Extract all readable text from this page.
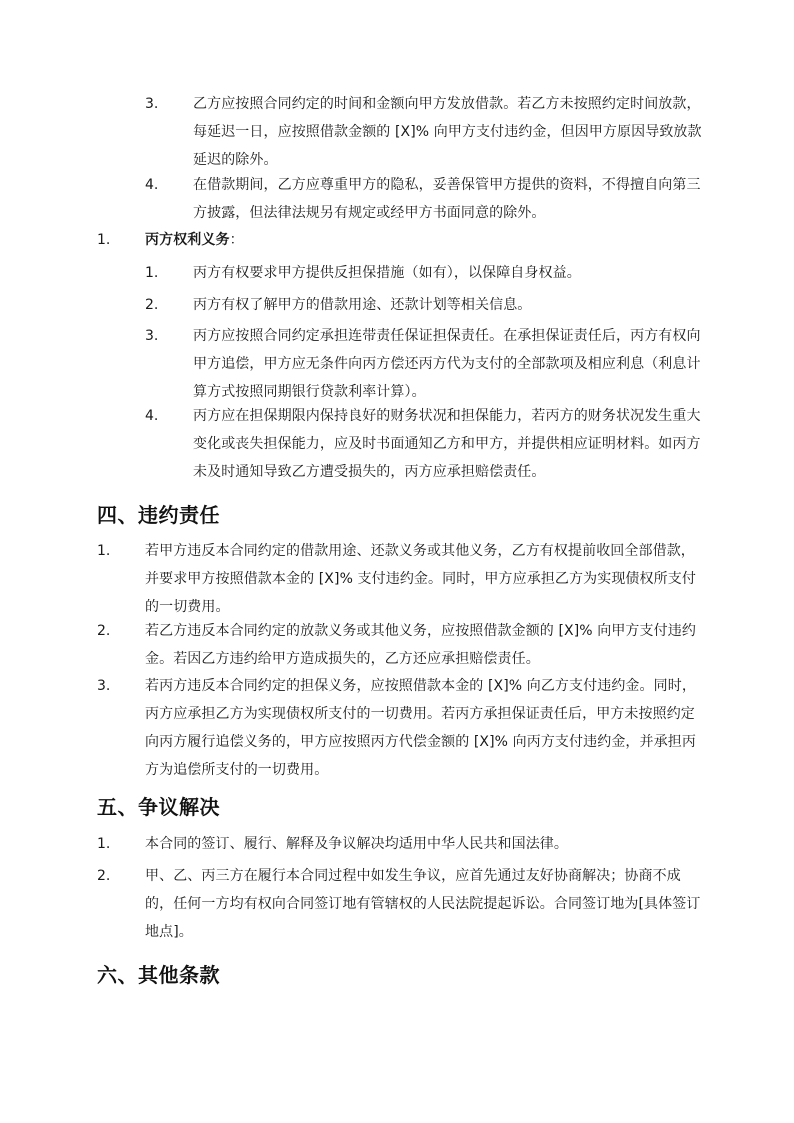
3.	乙方应按照合同约定的时间和金额向甲方发放借款。若乙方未按照约定时间放款，每延迟一日，应按照借款金额的 [X]% 向甲方支付违约金，但因甲方原因导致放款延迟的除外。
4.	在借款期间，乙方应尊重甲方的隐私，妥善保管甲方提供的资料，不得擅自向第三方披露，但法律法规另有规定或经甲方书面同意的除外。
1.	丙方权利义务：
1.	丙方有权要求甲方提供反担保措施（如有），以保障自身权益。
2.	丙方有权了解甲方的借款用途、还款计划等相关信息。
3.	丙方应按照合同约定承担连带责任保证担保责任。在承担保证责任后，丙方有权向甲方追偿，甲方应无条件向丙方偿还丙方代为支付的全部款项及相应利息（利息计算方式按照同期银行贷款利率计算）。
4.	丙方应在担保期限内保持良好的财务状况和担保能力，若丙方的财务状况发生重大变化或丧失担保能力，应及时书面通知乙方和甲方，并提供相应证明材料。如丙方未及时通知导致乙方遭受损失的，丙方应承担赔偿责任。
四、违约责任
1.	若甲方违反本合同约定的借款用途、还款义务或其他义务，乙方有权提前收回全部借款，并要求甲方按照借款本金的 [X]% 支付违约金。同时，甲方应承担乙方为实现债权所支付的一切费用。
2.	若乙方违反本合同约定的放款义务或其他义务，应按照借款金额的 [X]% 向甲方支付违约金。若因乙方违约给甲方造成损失的，乙方还应承担赔偿责任。
3.	若丙方违反本合同约定的担保义务，应按照借款本金的 [X]% 向乙方支付违约金。同时，丙方应承担乙方为实现债权所支付的一切费用。若丙方承担保证责任后，甲方未按照约定向丙方履行追偿义务的，甲方应按照丙方代偿金额的 [X]% 向丙方支付违约金，并承担丙方为追偿所支付的一切费用。
五、争议解决
1.	本合同的签订、履行、解释及争议解决均适用中华人民共和国法律。
2.	甲、乙、丙三方在履行本合同过程中如发生争议，应首先通过友好协商解决；协商不成的，任何一方均有权向合同签订地有管辖权的人民法院提起诉讼。合同签订地为[具体签订地点]。
六、其他条款
